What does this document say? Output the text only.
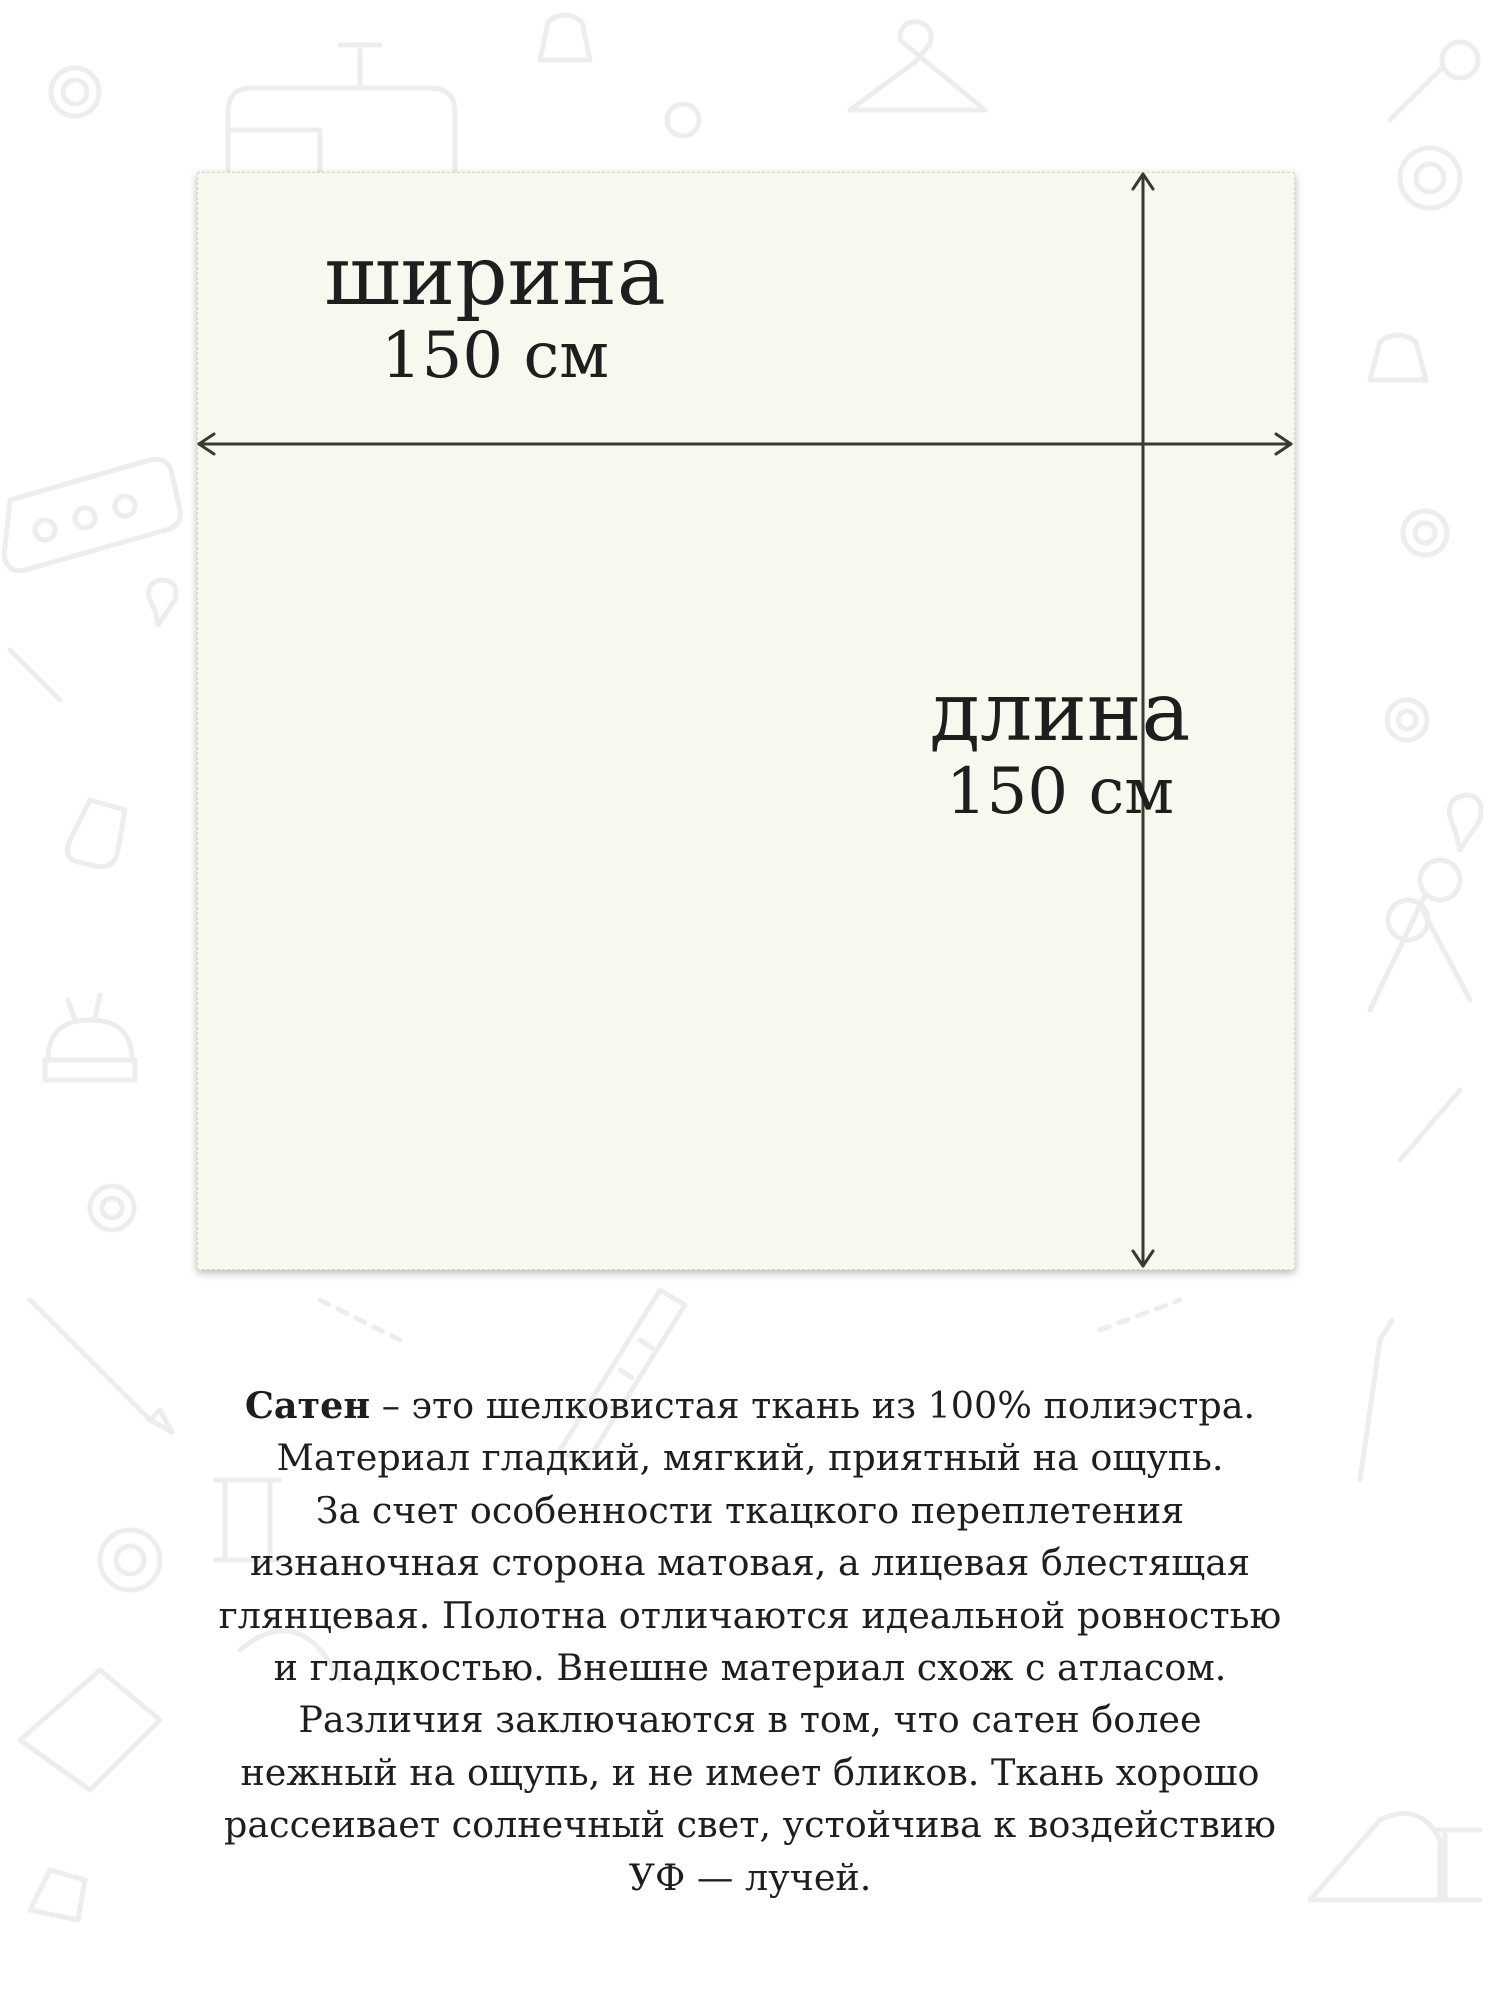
ширина
150 см
длина
150 см
Сатен – это шелковистая ткань из 100% полиэстра.
Материал гладкий, мягкий, приятный на ощупь.
За счет особенности ткацкого переплетения
изнаночная сторона матовая, а лицевая блестящая
глянцевая. Полотна отличаются идеальной ровностью
и гладкостью. Внешне материал схож с атласом.
Различия заключаются в том, что сатен более
нежный на ощупь, и не имеет бликов. Ткань хорошо
рассеивает солнечный свет, устойчива к воздействию
УФ — лучей.
